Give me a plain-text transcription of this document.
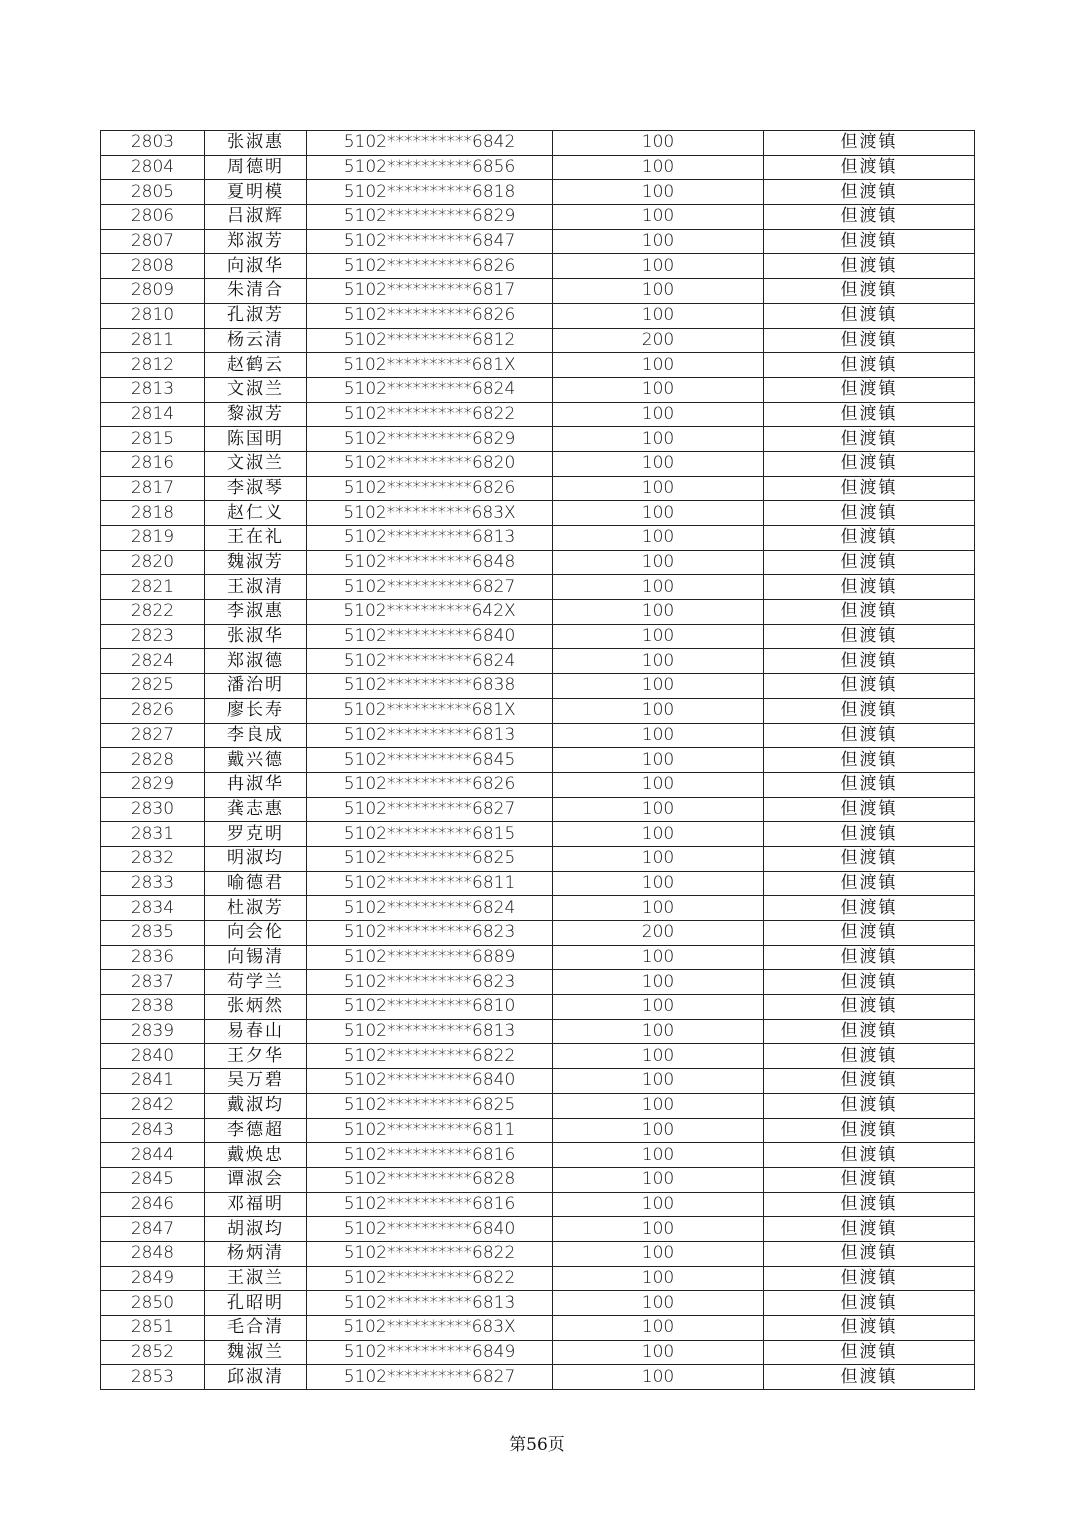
2803	张淑惠	5102**********6842	100	但渡镇
2804	周德明	5102**********6856	100	但渡镇
2805	夏明模	5102**********6818	100	但渡镇
2806	吕淑辉	5102**********6829	100	但渡镇
2807	郑淑芳	5102**********6847	100	但渡镇
2808	向淑华	5102**********6826	100	但渡镇
2809	朱清合	5102**********6817	100	但渡镇
2810	孔淑芳	5102**********6826	100	但渡镇
2811	杨云清	5102**********6812	200	但渡镇
2812	赵鹤云	5102**********681X	100	但渡镇
2813	文淑兰	5102**********6824	100	但渡镇
2814	黎淑芳	5102**********6822	100	但渡镇
2815	陈国明	5102**********6829	100	但渡镇
2816	文淑兰	5102**********6820	100	但渡镇
2817	李淑琴	5102**********6826	100	但渡镇
2818	赵仁义	5102**********683X	100	但渡镇
2819	王在礼	5102**********6813	100	但渡镇
2820	魏淑芳	5102**********6848	100	但渡镇
2821	王淑清	5102**********6827	100	但渡镇
2822	李淑惠	5102**********642X	100	但渡镇
2823	张淑华	5102**********6840	100	但渡镇
2824	郑淑德	5102**********6824	100	但渡镇
2825	潘治明	5102**********6838	100	但渡镇
2826	廖长寿	5102**********681X	100	但渡镇
2827	李良成	5102**********6813	100	但渡镇
2828	戴兴德	5102**********6845	100	但渡镇
2829	冉淑华	5102**********6826	100	但渡镇
2830	龚志惠	5102**********6827	100	但渡镇
2831	罗克明	5102**********6815	100	但渡镇
2832	明淑均	5102**********6825	100	但渡镇
2833	喻德君	5102**********6811	100	但渡镇
2834	杜淑芳	5102**********6824	100	但渡镇
2835	向会伦	5102**********6823	200	但渡镇
2836	向锡清	5102**********6889	100	但渡镇
2837	苟学兰	5102**********6823	100	但渡镇
2838	张炳然	5102**********6810	100	但渡镇
2839	易春山	5102**********6813	100	但渡镇
2840	王夕华	5102**********6822	100	但渡镇
2841	吴万碧	5102**********6840	100	但渡镇
2842	戴淑均	5102**********6825	100	但渡镇
2843	李德超	5102**********6811	100	但渡镇
2844	戴焕忠	5102**********6816	100	但渡镇
2845	谭淑会	5102**********6828	100	但渡镇
2846	邓福明	5102**********6816	100	但渡镇
2847	胡淑均	5102**********6840	100	但渡镇
2848	杨炳清	5102**********6822	100	但渡镇
2849	王淑兰	5102**********6822	100	但渡镇
2850	孔昭明	5102**********6813	100	但渡镇
2851	毛合清	5102**********683X	100	但渡镇
2852	魏淑兰	5102**********6849	100	但渡镇
2853	邱淑清	5102**********6827	100	但渡镇
第56页
